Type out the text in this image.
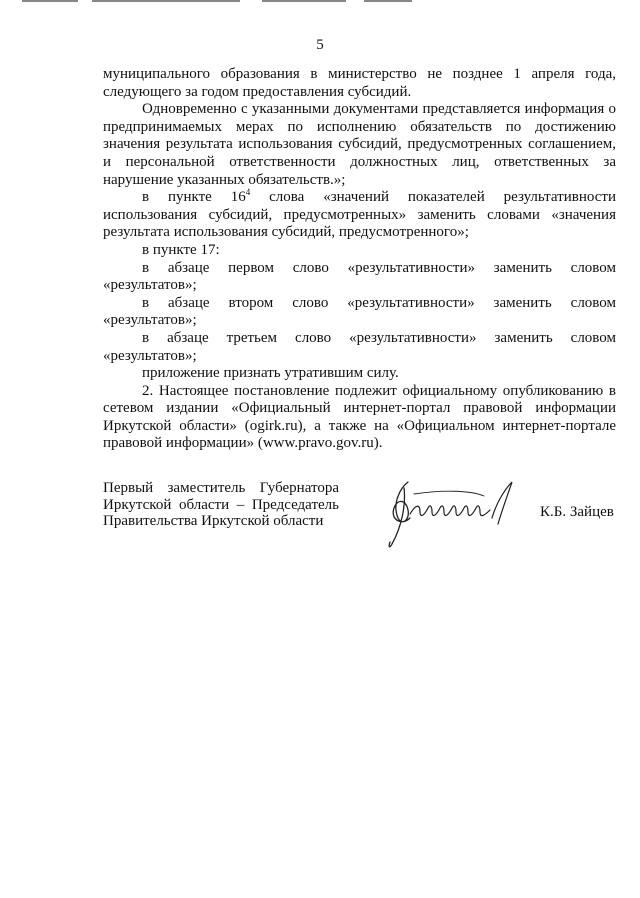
5

муниципального образования в министерство не позднее 1 апреля года, следующего за годом предоставления субсидий.

Одновременно с указанными документами представляется информация о предпринимаемых мерах по исполнению обязательств по достижению значения результата использования субсидий, предусмотренных соглашением, и персональной ответственности должностных лиц, ответственных за нарушение указанных обязательств.»;

в пункте $16^4$ слова «значений показателей результативности использования субсидий, предусмотренных» заменить словами «значения результата использования субсидий, предусмотренного»;

в пункте 17:

в абзаце первом слово «результативности» заменить словом «результатов»;

в абзаце втором слово «результативности» заменить словом «результатов»;

в абзаце третьем слово «результативности» заменить словом «результатов»;

приложение признать утратившим силу.

2. Настоящее постановление подлежит официальному опубликованию в сетевом издании «Официальный интернет-портал правовой информации Иркутской области» (ogirk.ru), а также на «Официальном интернет-портале правовой информации» (www.pravo.gov.ru).

Первый заместитель Губернатора
Иркутской области – Председатель
Правительства Иркутской области
К.Б. Зайцев
